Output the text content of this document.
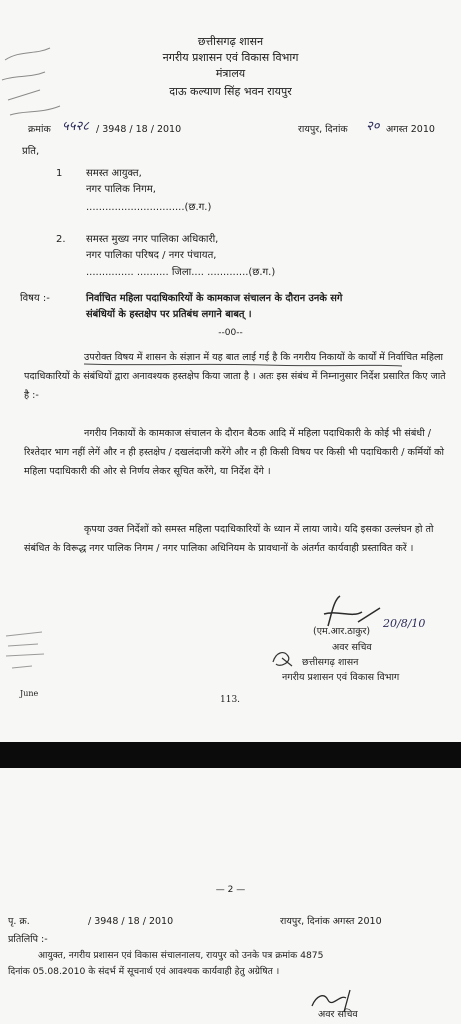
छत्तीसगढ़ शासन
नगरीय प्रशासन एवं विकास विभाग
मंत्रालय
दाऊ कल्याण सिंह भवन रायपुर
क्रमांक ५५२८ / 3948 / 18 / 2010	रायपुर, दिनांक २० अगस्त 2010
प्रति,
1 समस्त आयुक्त,
नगर पालिक निगम,
...............................(छ.ग.)
2. समस्त मुख्य नगर पालिका अधिकारी,
नगर पालिका परिषद / नगर पंचायत,
............... .......... जिला.... .............(छ.ग.)
विषय :-	निर्वाचित महिला पदाधिकारियों के कामकाज संचालन के दौरान उनके सगे
संबंधियों के हस्तक्षेप पर प्रतिबंध लगाने बाबत् ।
--00--
उपरोक्त विषय में शासन के संज्ञान में यह बात लाई गई है कि नगरीय निकायों के कार्यों में निर्वाचित महिला पदाधिकारियों के संबंधियों द्वारा अनावश्यक हस्तक्षेप किया जाता है । अतः इस संबंध में निम्नानुसार निर्देश प्रसारित किए जाते है :-
नगरीय निकायों के कामकाज संचालन के दौरान बैठक आदि में महिला पदाधिकारी के कोई भी संबंधी / रिश्तेदार भाग नहीं लेगें और न ही हस्तक्षेप / दखलंदाजी करेंगे और न ही किसी विषय पर किसी भी पदाधिकारी / कर्मियों को महिला पदाधिकारी की ओर से निर्णय लेकर सूचित करेंगे, या निर्देश देंगे ।
कृपया उक्त निर्देशों को समस्त महिला पदाधिकारियों के ध्यान में लाया जाये। यदि इसका उल्लंघन हो तो संबंधित के विरूद्ध नगर पालिक निगम / नगर पालिका अधिनियम के प्रावधानों के अंतर्गत कार्यवाही प्रस्तावित करें ।
(एम.आर.ठाकुर)
20/8/10
अवर सचिव
छत्तीसगढ़ शासन
नगरीय प्रशासन एवं विकास विभाग
June
113.
— 2 —
पृ. क्र.	/ 3948 / 18 / 2010	रायपुर, दिनांक अगस्त 2010
प्रतिलिपि :-
आयुक्त, नगरीय प्रशासन एवं विकास संचालनालय, रायपुर को उनके पत्र क्रमांक 4875
दिनांक 05.08.2010 के संदर्भ में सूचनार्थ एवं आवश्यक कार्यवाही हेतु अग्रेषित ।
अवर सचिव
